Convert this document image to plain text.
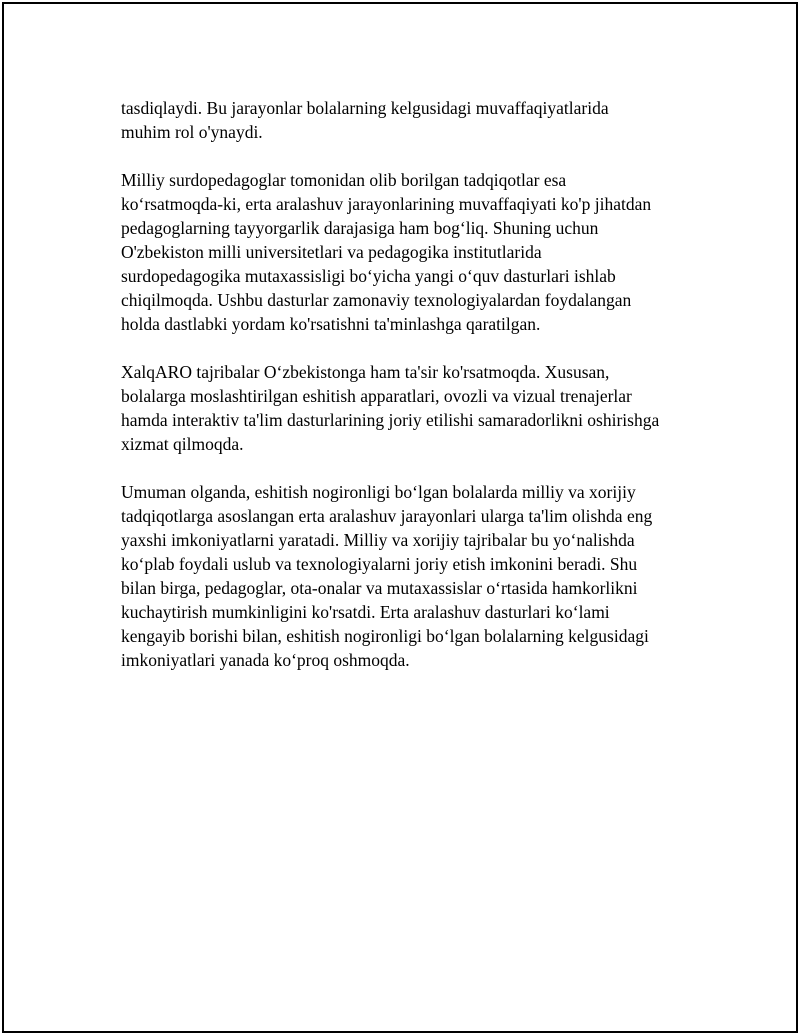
tasdiqlaydi. Bu jarayonlar bolalarning kelgusidagi muvaffaqiyatlarida
muhim rol o'ynaydi.

Milliy surdopedagoglar tomonidan olib borilgan tadqiqotlar esa
ko‘rsatmoqda-ki, erta aralashuv jarayonlarining muvaffaqiyati ko'p jihatdan
pedagoglarning tayyorgarlik darajasiga ham bog‘liq. Shuning uchun
O'zbekiston milli universitetlari va pedagogika institutlarida
surdopedagogika mutaxassisligi bo‘yicha yangi o‘quv dasturlari ishlab
chiqilmoqda. Ushbu dasturlar zamonaviy texnologiyalardan foydalangan
holda dastlabki yordam ko'rsatishni ta'minlashga qaratilgan.

XalqARO tajribalar O‘zbekistonga ham ta'sir ko'rsatmoqda. Xususan,
bolalarga moslashtirilgan eshitish apparatlari, ovozli va vizual trenajerlar
hamda interaktiv ta'lim dasturlarining joriy etilishi samaradorlikni oshirishga
xizmat qilmoqda.

Umuman olganda, eshitish nogironligi bo‘lgan bolalarda milliy va xorijiy
tadqiqotlarga asoslangan erta aralashuv jarayonlari ularga ta'lim olishda eng
yaxshi imkoniyatlarni yaratadi. Milliy va xorijiy tajribalar bu yo‘nalishda
ko‘plab foydali uslub va texnologiyalarni joriy etish imkonini beradi. Shu
bilan birga, pedagoglar, ota-onalar va mutaxassislar o‘rtasida hamkorlikni
kuchaytirish mumkinligini ko'rsatdi. Erta aralashuv dasturlari ko‘lami
kengayib borishi bilan, eshitish nogironligi bo‘lgan bolalarning kelgusidagi
imkoniyatlari yanada ko‘proq oshmoqda.
